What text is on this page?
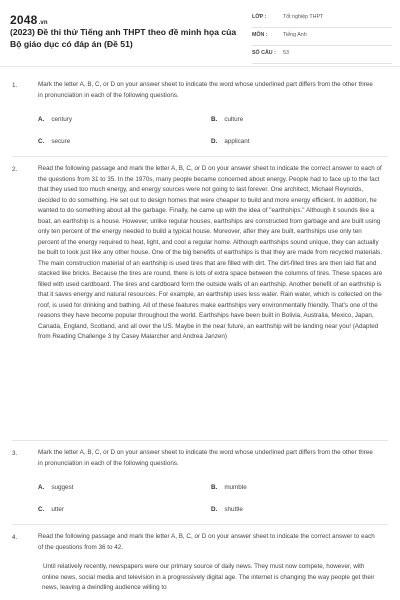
2048.vn
(2023) Đề thi thử Tiếng anh THPT theo đề minh họa của Bộ giáo dục có đáp án (Đề 51)
LỚP :	Tốt nghiệp THPT
MÔN :	Tiếng Anh
SỐ CÂU :	53
1.	Mark the letter A, B, C, or D on your answer sheet to indicate the word whose underlined part differs from the other three in pronunciation in each of the following questions.
A. century	B. culture
C. secure	D. applicant
2.	Read the following passage and mark the letter A, B, C, or D on your answer sheet to indicate the correct answer to each of the questions from 31 to 35. In the 1970s, many people became concerned about energy. People had to face up to the fact that they used too much energy, and energy sources were not going to last forever. One architect, Michael Reynolds, decided to do something. He set out to design homes that were cheaper to build and more energy efficient. In addition, he wanted to do something about all the garbage. Finally, he came up with the idea of "earthships." Although it sounds like a boat, an earthship is a house. However, unlike regular houses, earthships are constructed from garbage and are built using only ten percent of the energy needed to build a typical house. Moreover, after they are built, earthships use only ten percent of the energy required to heat, light, and cool a regular home. Although earthships sound unique, they can actually be built to look just like any other house. One of the big benefits of earthships is that they are made from recycled materials. The main construction material of an earthship is used tires that are filled with dirt. The dirt-filled tires are then laid flat and stacked like bricks. Because the tires are round, there is lots of extra space between the columns of tires. These spaces are filled with used cardboard. The tires and cardboard form the outside walls of an earthship. Another benefit of an earthship is that it saves energy and natural resources. For example, an earthship uses less water. Rain water, which is collected on the roof, is used for drinking and bathing. All of these features make earthships very environmentally friendly. That's one of the reasons they have become popular throughout the world. Earthships have been built in Bolivia, Australia, Mexico, Japan, Canada, England, Scotland, and all over the US. Maybe in the near future, an earthship will be landing near you! (Adapted from Reading Challenge 3 by Casey Malarcher and Andrea Janzen)
3.	Mark the letter A, B, C, or D on your answer sheet to indicate the word whose underlined part differs from the other three in pronunciation in each of the following questions.
A. suggest	B. mumble
C. utter	D. shuttle
4.	Read the following passage and mark the letter A, B, C, or D on your answer sheet to indicate the correct answer to each of the questions from 36 to 42.
Until relatively recently, newspapers were our primary source of daily news. They must now compete, however, with online news, social media and television in a progressively digital age. The internet is changing the way people get their news, leaving a dwindling audience willing to
